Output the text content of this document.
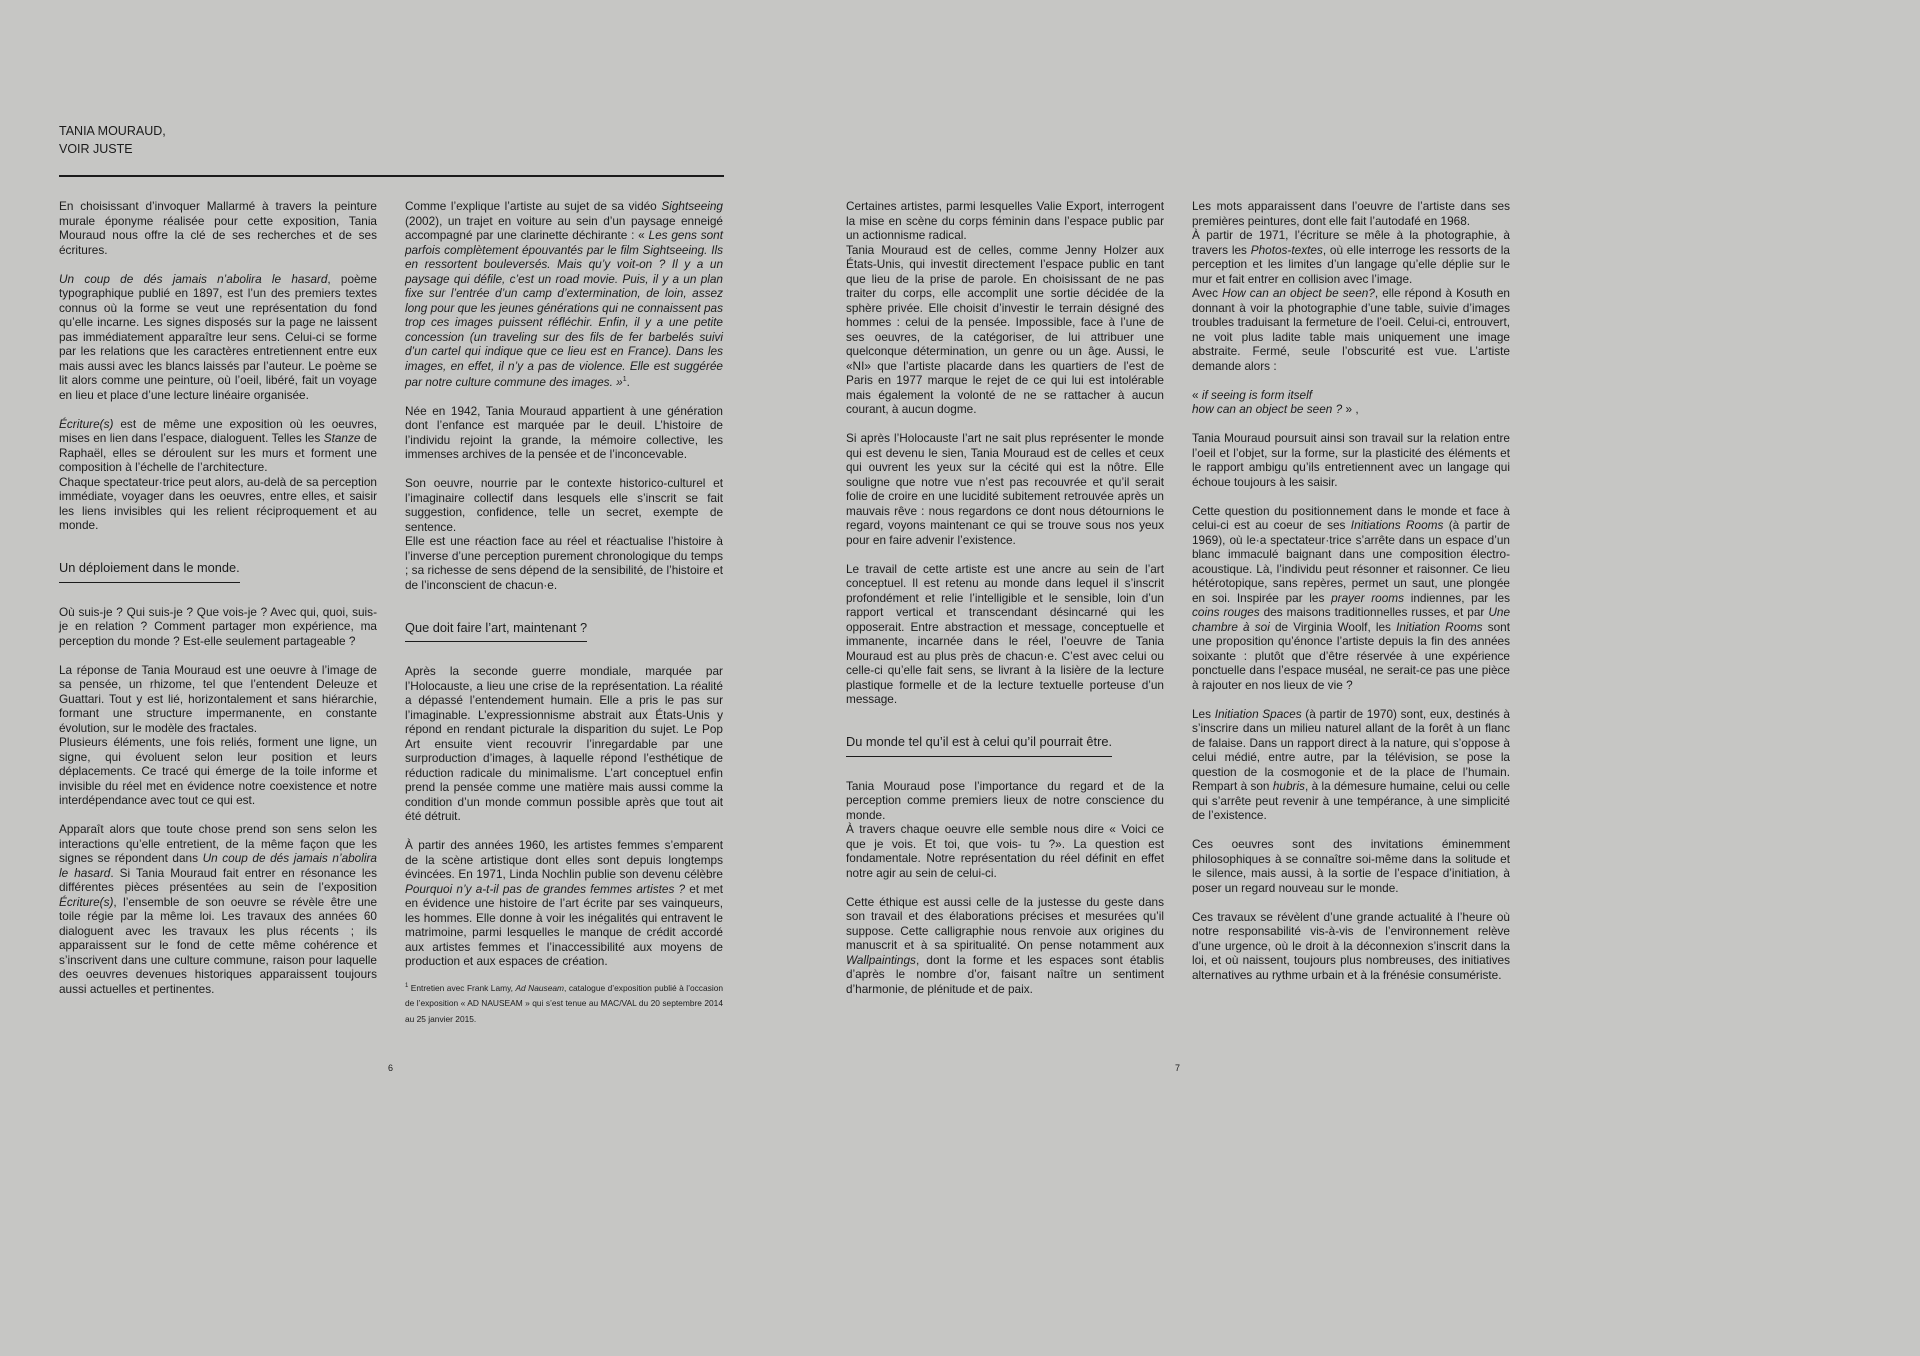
TANIA MOURAUD,
VOIR JUSTE

En choisissant d’invoquer Mallarmé à travers la peinture murale éponyme réalisée pour cette exposition, Tania Mouraud nous offre la clé de ses recherches et de ses écritures.

Un coup de dés jamais n’abolira le hasard, poème typographique publié en 1897, est l’un des premiers textes connus où la forme se veut une représentation du fond qu’elle incarne. Les signes disposés sur la page ne laissent pas immédiatement apparaître leur sens. Celui-ci se forme par les relations que les caractères entretiennent entre eux mais aussi avec les blancs laissés par l’auteur. Le poème se lit alors comme une peinture, où l’oeil, libéré, fait un voyage en lieu et place d’une lecture linéaire organisée.

Écriture(s) est de même une exposition où les oeuvres, mises en lien dans l’espace, dialoguent. Telles les Stanze de Raphaël, elles se déroulent sur les murs et forment une composition à l’échelle de l’architecture.

Chaque spectateur·trice peut alors, au-delà de sa perception immédiate, voyager dans les oeuvres, entre elles, et saisir les liens invisibles qui les relient réciproquement et au monde.

Un déploiement dans le monde.

Où suis-je ? Qui suis-je ? Que vois-je ? Avec qui, quoi, suis-je en relation ? Comment partager mon expérience, ma perception du monde ? Est-elle seulement partageable ?

La réponse de Tania Mouraud est une oeuvre à l’image de sa pensée, un rhizome, tel que l’entendent Deleuze et Guattari. Tout y est lié, horizontalement et sans hiérarchie, formant une structure impermanente, en constante évolution, sur le modèle des fractales.

Plusieurs éléments, une fois reliés, forment une ligne, un signe, qui évoluent selon leur position et leurs déplacements. Ce tracé qui émerge de la toile informe et invisible du réel met en évidence notre coexistence et notre interdépendance avec tout ce qui est.

Apparaît alors que toute chose prend son sens selon les interactions qu’elle entretient, de la même façon que les signes se répondent dans Un coup de dés jamais n’abolira le hasard. Si Tania Mouraud fait entrer en résonance les différentes pièces présentées au sein de l’exposition Écriture(s), l’ensemble de son oeuvre se révèle être une toile régie par la même loi. Les travaux des années 60 dialoguent avec les travaux les plus récents ; ils apparaissent sur le fond de cette même cohérence et s’inscrivent dans une culture commune, raison pour laquelle des oeuvres devenues historiques apparaissent toujours aussi actuelles et pertinentes.

Comme l’explique l’artiste au sujet de sa vidéo Sightseeing (2002), un trajet en voiture au sein d’un paysage enneigé accompagné par une clarinette déchirante : « Les gens sont parfois complètement épouvantés par le film Sightseeing. Ils en ressortent bouleversés. Mais qu’y voit-on ? Il y a un paysage qui défile, c’est un road movie. Puis, il y a un plan fixe sur l’entrée d’un camp d’extermination, de loin, assez long pour que les jeunes générations qui ne connaissent pas trop ces images puissent réfléchir. Enfin, il y a une petite concession (un traveling sur des fils de fer barbelés suivi d’un cartel qui indique que ce lieu est en France). Dans les images, en effet, il n’y a pas de violence. Elle est suggérée par notre culture commune des images. »$^1$.

Née en 1942, Tania Mouraud appartient à une génération dont l’enfance est marquée par le deuil. L’histoire de l’individu rejoint la grande, la mémoire collective, les immenses archives de la pensée et de l’inconcevable.

Son oeuvre, nourrie par le contexte historico-culturel et l’imaginaire collectif dans lesquels elle s’inscrit se fait suggestion, confidence, telle un secret, exempte de sentence.

Elle est une réaction face au réel et réactualise l’histoire à l’inverse d’une perception purement chronologique du temps ; sa richesse de sens dépend de la sensibilité, de l’histoire et de l’inconscient de chacun·e.

Que doit faire l’art, maintenant ?

Après la seconde guerre mondiale, marquée par l’Holocauste, a lieu une crise de la représentation. La réalité a dépassé l’entendement humain. Elle a pris le pas sur l’imaginable. L’expressionnisme abstrait aux États-Unis y répond en rendant picturale la disparition du sujet. Le Pop Art ensuite vient recouvrir l’inregardable par une surproduction d’images, à laquelle répond l’esthétique de réduction radicale du minimalisme. L’art conceptuel enfin prend la pensée comme une matière mais aussi comme la condition d’un monde commun possible après que tout ait été détruit.

À partir des années 1960, les artistes femmes s’emparent de la scène artistique dont elles sont depuis longtemps évincées. En 1971, Linda Nochlin publie son devenu célèbre Pourquoi n’y a-t-il pas de grandes femmes artistes ? et met en évidence une histoire de l’art écrite par ses vainqueurs, les hommes. Elle donne à voir les inégalités qui entravent le matrimoine, parmi lesquelles le manque de crédit accordé aux artistes femmes et l’inaccessibilité aux moyens de production et aux espaces de création.

$^1$ Entretien avec Frank Lamy, Ad Nauseam, catalogue d’exposition publié à l’occasion de l’exposition « AD NAUSEAM » qui s’est tenue au MAC/VAL du 20 septembre 2014 au 25 janvier 2015.

Certaines artistes, parmi lesquelles Valie Export, interrogent la mise en scène du corps féminin dans l’espace public par un actionnisme radical.

Tania Mouraud est de celles, comme Jenny Holzer aux États-Unis, qui investit directement l’espace public en tant que lieu de la prise de parole. En choisissant de ne pas traiter du corps, elle accomplit une sortie décidée de la sphère privée. Elle choisit d’investir le terrain désigné des hommes : celui de la pensée. Impossible, face à l’une de ses oeuvres, de la catégoriser, de lui attribuer une quelconque détermination, un genre ou un âge. Aussi, le «NI» que l’artiste placarde dans les quartiers de l’est de Paris en 1977 marque le rejet de ce qui lui est intolérable mais également la volonté de ne se rattacher à aucun courant, à aucun dogme.

Si après l’Holocauste l’art ne sait plus représenter le monde qui est devenu le sien, Tania Mouraud est de celles et ceux qui ouvrent les yeux sur la cécité qui est la nôtre. Elle souligne que notre vue n’est pas recouvrée et qu’il serait folie de croire en une lucidité subitement retrouvée après un mauvais rêve : nous regardons ce dont nous détournions le regard, voyons maintenant ce qui se trouve sous nos yeux pour en faire advenir l’existence.

Le travail de cette artiste est une ancre au sein de l’art conceptuel. Il est retenu au monde dans lequel il s’inscrit profondément et relie l’intelligible et le sensible, loin d’un rapport vertical et transcendant désincarné qui les opposerait. Entre abstraction et message, conceptuelle et immanente, incarnée dans le réel, l’oeuvre de Tania Mouraud est au plus près de chacun·e. C’est avec celui ou celle-ci qu’elle fait sens, se livrant à la lisière de la lecture plastique formelle et de la lecture textuelle porteuse d’un message.

Du monde tel qu’il est à celui qu’il pourrait être.

Tania Mouraud pose l’importance du regard et de la perception comme premiers lieux de notre conscience du monde.

À travers chaque oeuvre elle semble nous dire « Voici ce que je vois. Et toi, que vois- tu ?». La question est fondamentale. Notre représentation du réel définit en effet notre agir au sein de celui-ci.

Cette éthique est aussi celle de la justesse du geste dans son travail et des élaborations précises et mesurées qu’il suppose. Cette calligraphie nous renvoie aux origines du manuscrit et à sa spiritualité. On pense notamment aux Wallpaintings, dont la forme et les espaces sont établis d’après le nombre d’or, faisant naître un sentiment d’harmonie, de plénitude et de paix.

Les mots apparaissent dans l’oeuvre de l’artiste dans ses premières peintures, dont elle fait l’autodafé en 1968.

À partir de 1971, l’écriture se mêle à la photographie, à travers les Photos-textes, où elle interroge les ressorts de la perception et les limites d’un langage qu’elle déplie sur le mur et fait entrer en collision avec l’image.

Avec How can an object be seen?, elle répond à Kosuth en donnant à voir la photographie d’une table, suivie d’images troubles traduisant la fermeture de l’oeil. Celui-ci, entrouvert, ne voit plus ladite table mais uniquement une image abstraite. Fermé, seule l’obscurité est vue. L’artiste demande alors :

« if seeing is form itself
how can an object be seen ? » ,

Tania Mouraud poursuit ainsi son travail sur la relation entre l’oeil et l’objet, sur la forme, sur la plasticité des éléments et le rapport ambigu qu’ils entretiennent avec un langage qui échoue toujours à les saisir.

Cette question du positionnement dans le monde et face à celui-ci est au coeur de ses Initiations Rooms (à partir de 1969), où le·a spectateur·trice s’arrête dans un espace d’un blanc immaculé baignant dans une composition électro-acoustique. Là, l’individu peut résonner et raisonner. Ce lieu hétérotopique, sans repères, permet un saut, une plongée en soi. Inspirée par les prayer rooms indiennes, par les coins rouges des maisons traditionnelles russes, et par Une chambre à soi de Virginia Woolf, les Initiation Rooms sont une proposition qu’énonce l’artiste depuis la fin des années soixante : plutôt que d’être réservée à une expérience ponctuelle dans l’espace muséal, ne serait-ce pas une pièce à rajouter en nos lieux de vie ?

Les Initiation Spaces (à partir de 1970) sont, eux, destinés à s’inscrire dans un milieu naturel allant de la forêt à un flanc de falaise. Dans un rapport direct à la nature, qui s’oppose à celui médié, entre autre, par la télévision, se pose la question de la cosmogonie et de la place de l’humain. Rempart à son hubris, à la démesure humaine, celui ou celle qui s’arrête peut revenir à une tempérance, à une simplicité de l’existence.

Ces oeuvres sont des invitations éminemment philosophiques à se connaître soi-même dans la solitude et le silence, mais aussi, à la sortie de l’espace d’initiation, à poser un regard nouveau sur le monde.

Ces travaux se révèlent d’une grande actualité à l’heure où notre responsabilité vis-à-vis de l’environnement relève d’une urgence, où le droit à la déconnexion s’inscrit dans la loi, et où naissent, toujours plus nombreuses, des initiatives alternatives au rythme urbain et à la frénésie consumériste.

6	7
